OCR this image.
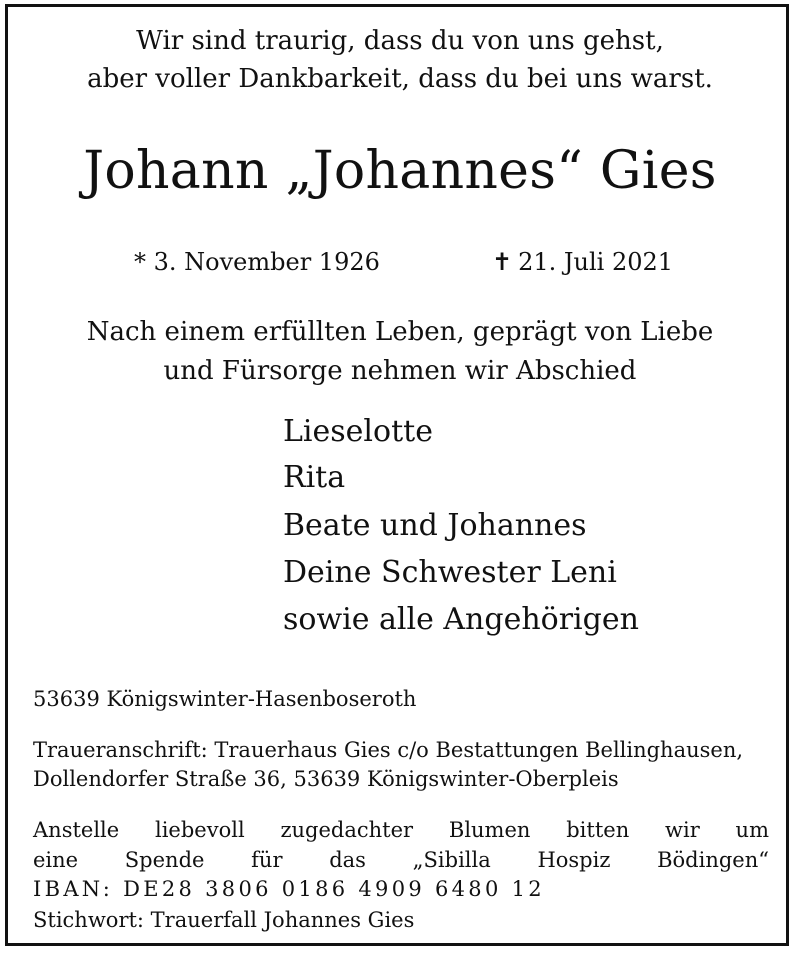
Wir sind traurig, dass du von uns gehst,
aber voller Dankbarkeit, dass du bei uns warst.
Johann „Johannes“ Gies
* 3. November 1926	✝ 21. Juli 2021
Nach einem erfüllten Leben, geprägt von Liebe
und Fürsorge nehmen wir Abschied
Lieselotte
Rita
Beate und Johannes
Deine Schwester Leni
sowie alle Angehörigen
53639 Königswinter-Hasenboseroth
Traueranschrift: Trauerhaus Gies c/o Bestattungen Bellinghausen,
Dollendorfer Straße 36, 53639 Königswinter-Oberpleis
Anstelle liebevoll zugedachter Blumen bitten wir um
eine Spende für das „Sibilla Hospiz Bödingen“
IBAN: DE28 3806 0186 4909 6480 12
Stichwort: Trauerfall Johannes Gies
